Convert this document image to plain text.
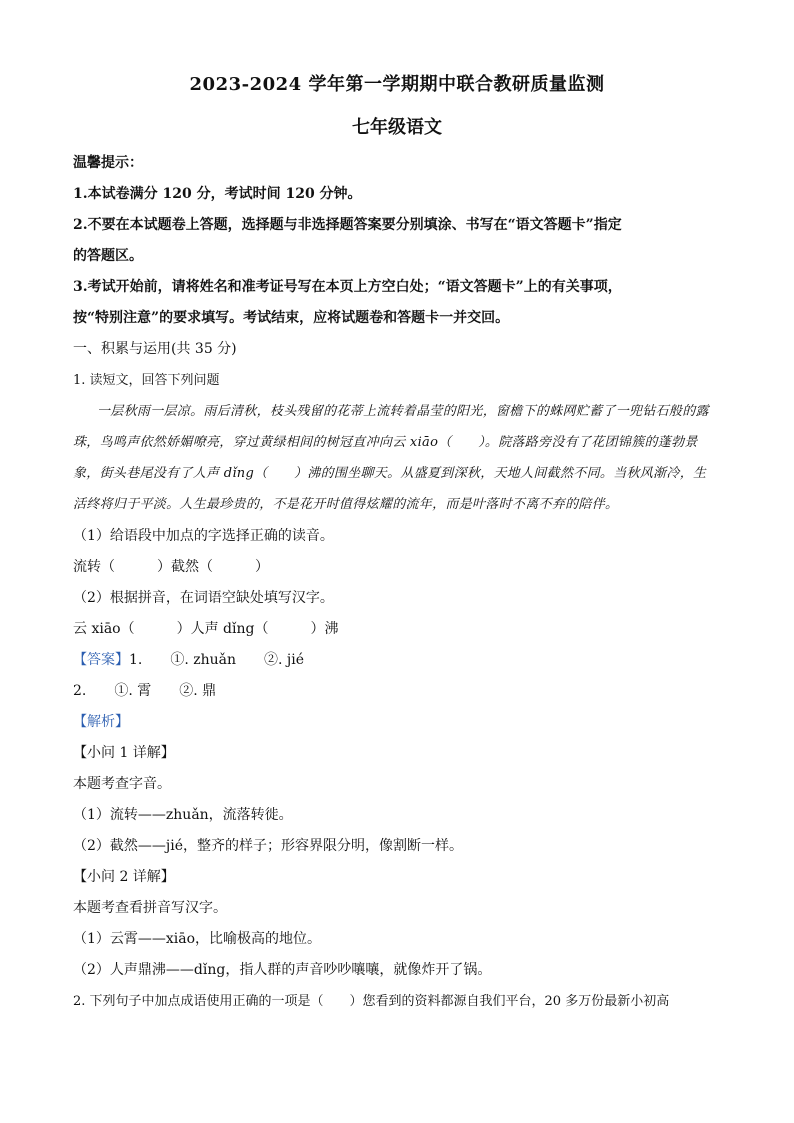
2023-2024 学年第一学期期中联合教研质量监测
七年级语文
温馨提示：
1.本试卷满分 120 分，考试时间 120 分钟。
2.不要在本试题卷上答题，选择题与非选择题答案要分别填涂、书写在“语文答题卡”指定
的答题区。
3.考试开始前，请将姓名和准考证号写在本页上方空白处；“语文答题卡”上的有关事项，
按“特别注意”的要求填写。考试结束，应将试题卷和答题卡一并交回。
一、积累与运用(共 35 分)
1. 读短文，回答下列问题
一层秋雨一层凉。雨后清秋，枝头残留的花蒂上流转着晶莹的阳光，窗檐下的蛛网贮蓄了一兜钻石般的露珠，鸟鸣声依然娇媚嘹亮，穿过黄绿相间的树冠直冲向云 xiāo（　　）。院落路旁没有了花团锦簇的蓬勃景象，街头巷尾没有了人声 dǐng（　　）沸的围坐聊天。从盛夏到深秋，天地人间截然不同。当秋风渐冷，生活终将归于平淡。人生最珍贵的，不是花开时值得炫耀的流年，而是叶落时不离不弃的陪伴。
（1）给语段中加点的字选择正确的读音。
流转（　　　）截然（　　　）
（2）根据拼音，在词语空缺处填写汉字。
云 xiāo（　　　）人声 dǐng（　　　）沸
【答案】1.　　①. zhuǎn　　②. jié
2.　　①. 霄　　②. 鼎
【解析】
【小问 1 详解】
本题考查字音。
（1）流转——zhuǎn，流落转徙。
（2）截然——jié，整齐的样子；形容界限分明，像割断一样。
【小问 2 详解】
本题考查看拼音写汉字。
（1）云霄——xiāo，比喻极高的地位。
（2）人声鼎沸——dǐng，指人群的声音吵吵嚷嚷，就像炸开了锅。
2. 下列句子中加点成语使用正确的一项是（　　）您看到的资料都源自我们平台，20 多万份最新小初高
